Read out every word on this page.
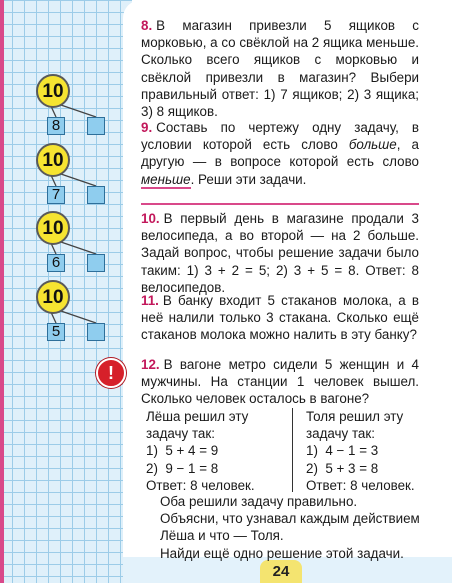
24
10
8
10
7
10
6
10
5
!
8. В магазин привезли 5 ящиков с морковью, а со свёклой на 2 ящика меньше. Сколько всего ящиков с морковью и свёклой привезли в магазин? Выбери правильный ответ: 1) 7 ящиков; 2) 3 ящика; 3) 8 ящиков.
9. Составь по чертежу одну задачу, в условии которой есть слово больше, а другую — в вопросе которой есть слово меньше. Реши эти задачи.
10. В первый день в магазине продали 3 велосипеда, а во второй — на 2 больше. Задай вопрос, чтобы решение задачи было таким: 1) 3 + 2 = 5; 2) 3 + 5 = 8. Ответ: 8 велосипедов.
11. В банку входит 5 стаканов молока, а в неё налили только 3 стакана. Сколько ещё стаканов молока можно налить в эту банку?
12. В вагоне метро сидели 5 женщин и 4 мужчины. На станции 1 человек вышел. Сколько человек осталось в вагоне?
Лёша решил эту
задачу так:
1)  5 + 4 = 9
2)  9 − 1 = 8
Ответ: 8 человек.
Толя решил эту
задачу так:
1)  4 − 1 = 3
2)  5 + 3 = 8
Ответ: 8 человек.
Оба решили задачу правильно.
Объясни, что узнавал каждым действием
Лёша и что — Толя.
Найди ещё одно решение этой задачи.
